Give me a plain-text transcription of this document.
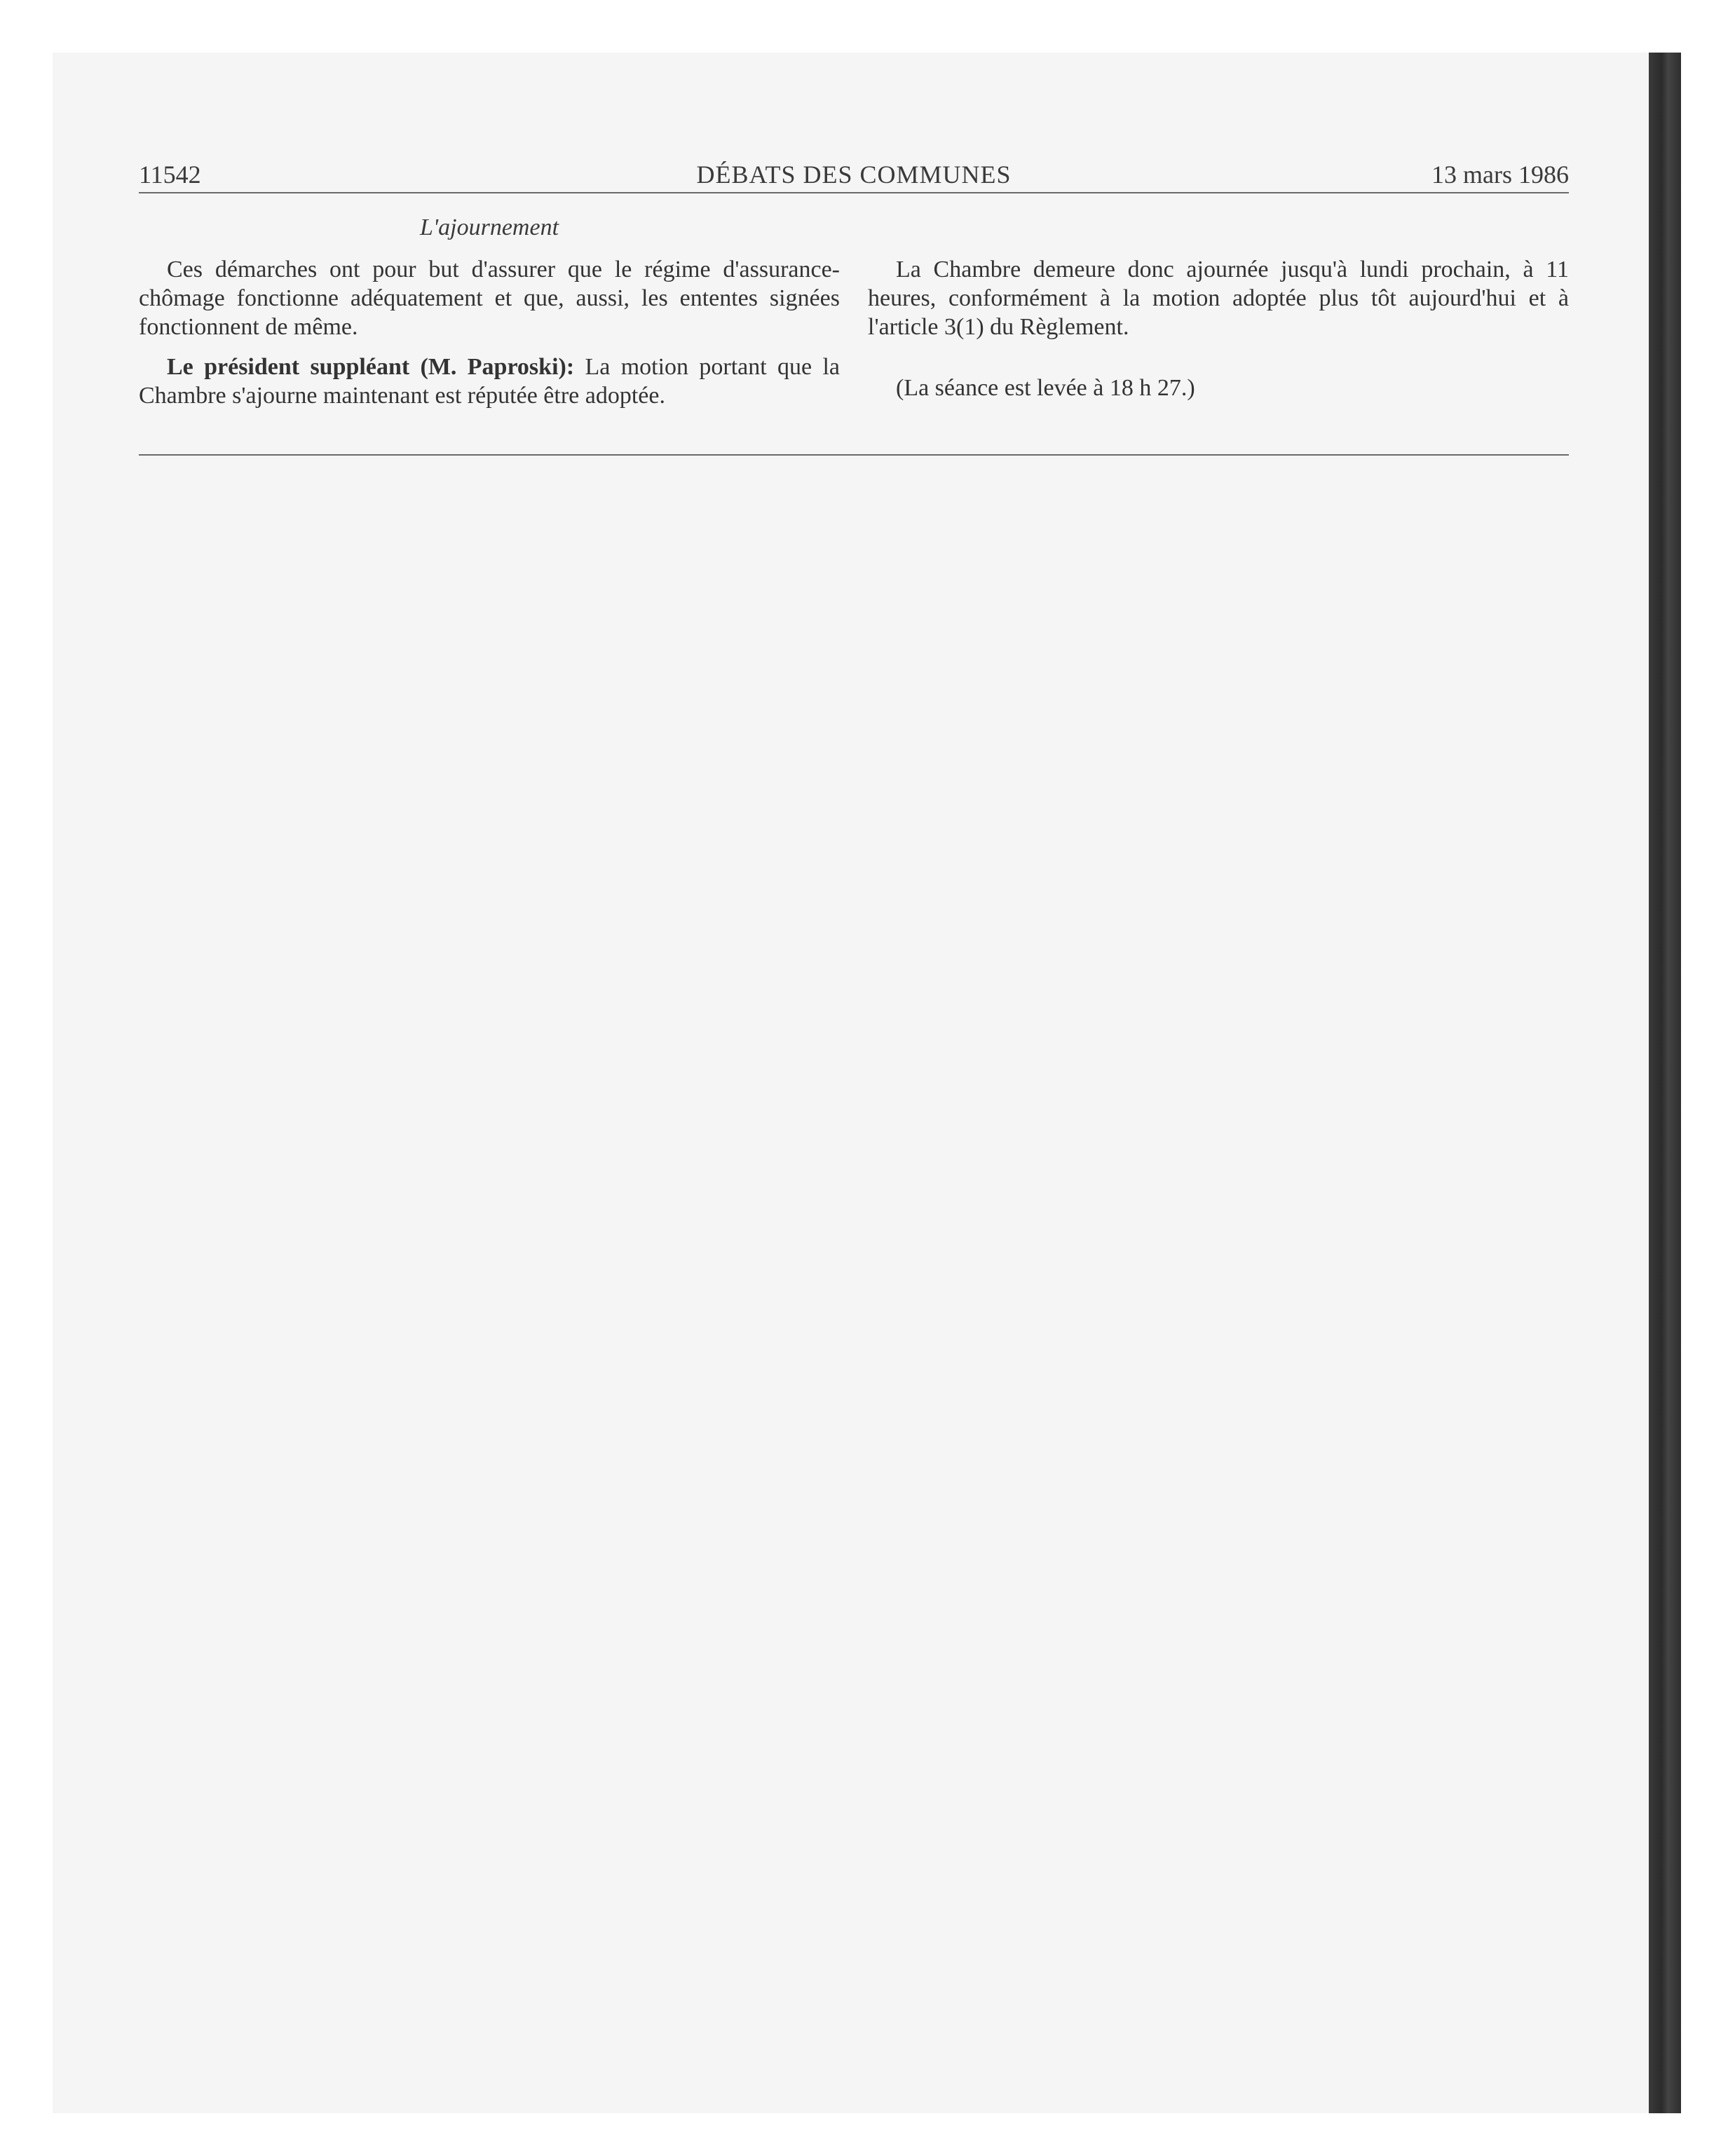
11542	DÉBATS DES COMMUNES	13 mars 1986
L'ajournement

Ces démarches ont pour but d'assurer que le régime d'assurance-chômage fonctionne adéquatement et que, aussi, les ententes signées fonctionnent de même.

Le président suppléant (M. Paproski): La motion portant que la Chambre s'ajourne maintenant est réputée être adoptée.

La Chambre demeure donc ajournée jusqu'à lundi prochain, à 11 heures, conformément à la motion adoptée plus tôt aujourd'hui et à l'article 3(1) du Règlement.

(La séance est levée à 18 h 27.)
